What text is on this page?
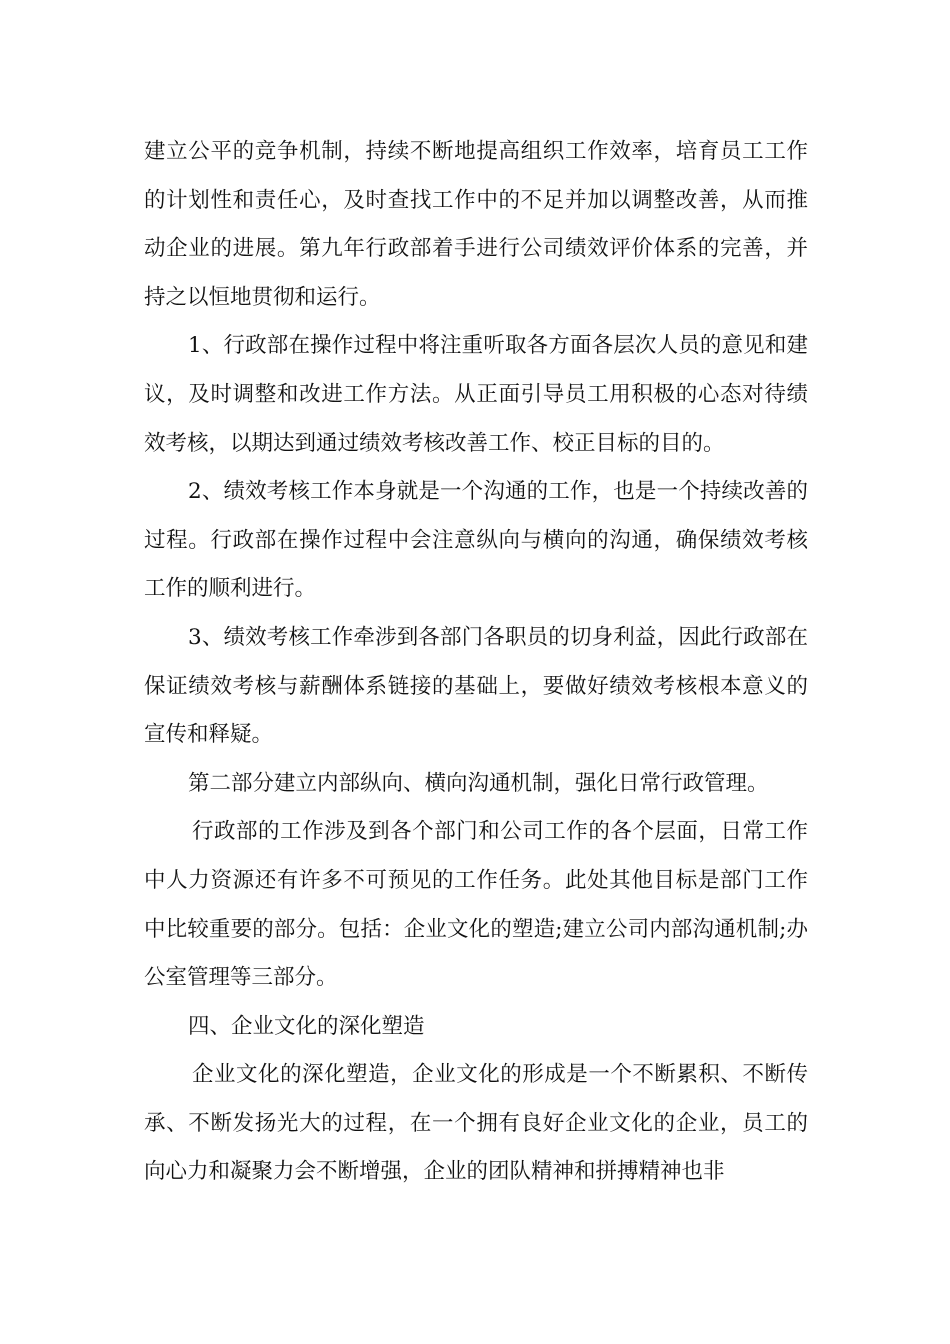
建立公平的竞争机制，持续不断地提高组织工作效率，培育员工工作的计划性和责任心，及时查找工作中的不足并加以调整改善，从而推动企业的进展。第九年行政部着手进行公司绩效评价体系的完善，并持之以恒地贯彻和运行。

1、行政部在操作过程中将注重听取各方面各层次人员的意见和建议，及时调整和改进工作方法。从正面引导员工用积极的心态对待绩效考核，以期达到通过绩效考核改善工作、校正目标的目的。

2、绩效考核工作本身就是一个沟通的工作，也是一个持续改善的过程。行政部在操作过程中会注意纵向与横向的沟通，确保绩效考核工作的顺利进行。

3、绩效考核工作牵涉到各部门各职员的切身利益，因此行政部在保证绩效考核与薪酬体系链接的基础上，要做好绩效考核根本意义的宣传和释疑。

第二部分建立内部纵向、横向沟通机制，强化日常行政管理。

行政部的工作涉及到各个部门和公司工作的各个层面，日常工作中人力资源还有许多不可预见的工作任务。此处其他目标是部门工作中比较重要的部分。包括：企业文化的塑造;建立公司内部沟通机制;办公室管理等三部分。

四、企业文化的深化塑造

企业文化的深化塑造，企业文化的形成是一个不断累积、不断传承、不断发扬光大的过程，在一个拥有良好企业文化的企业，员工的向心力和凝聚力会不断增强，企业的团队精神和拼搏精神也非
